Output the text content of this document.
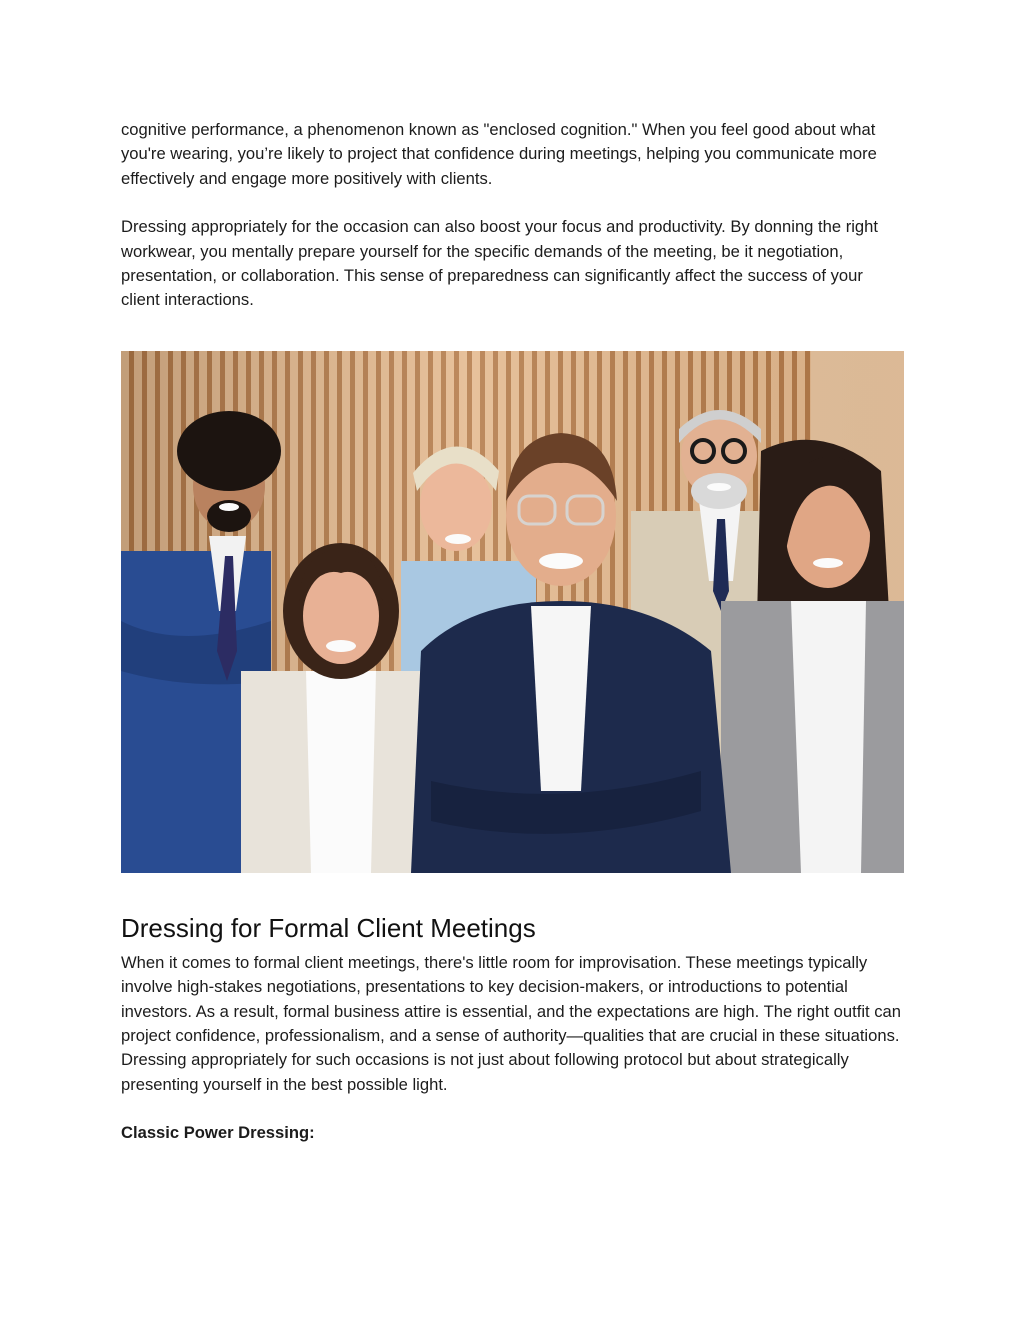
cognitive performance, a phenomenon known as "enclosed cognition." When you feel good about what you're wearing, you’re likely to project that confidence during meetings, helping you communicate more effectively and engage more positively with clients.

Dressing appropriately for the occasion can also boost your focus and productivity. By donning the right workwear, you mentally prepare yourself for the specific demands of the meeting, be it negotiation, presentation, or collaboration. This sense of preparedness can significantly affect the success of your client interactions.

Dressing for Formal Client Meetings

When it comes to formal client meetings, there's little room for improvisation. These meetings typically involve high-stakes negotiations, presentations to key decision-makers, or introductions to potential investors. As a result, formal business attire is essential, and the expectations are high. The right outfit can project confidence, professionalism, and a sense of authority—qualities that are crucial in these situations. Dressing appropriately for such occasions is not just about following protocol but about strategically presenting yourself in the best possible light.

Classic Power Dressing:
